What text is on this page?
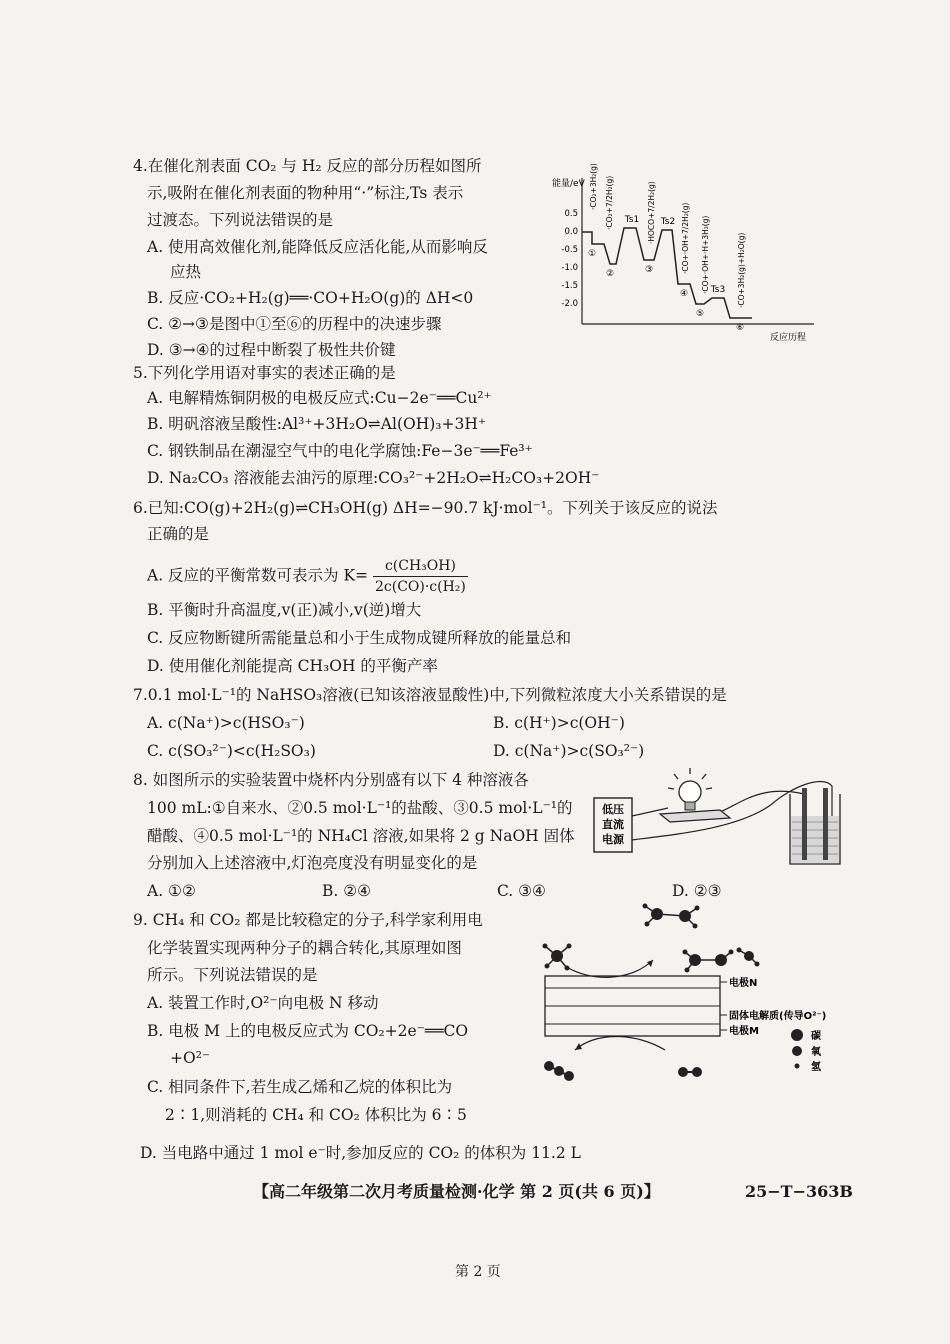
4.在催化剂表面 CO₂ 与 H₂ 反应的部分历程如图所
示,吸附在催化剂表面的物种用“·”标注,Ts 表示
过渡态。下列说法错误的是
A. 使用高效催化剂,能降低反应活化能,从而影响反
应热
B. 反应·CO₂+H₂(g)══·CO+H₂O(g)的 ΔH<0
C. ②→③是图中①至⑥的历程中的决速步骤
D. ③→④的过程中断裂了极性共价键
能量/eV
反应历程
0.5
0.0
-0.5
-1.0
-1.5
-2.0
①
②
Ts1
③
Ts2
④
⑤
Ts3
⑥
·CO₂+3H₂(g) ·CO₂+7/2H₂(g)	·HOCO+7/2H₂(g)	·CO+·OH+7/2H₂(g) ·CO+·OH+·H+3H₂(g)	·CO+3H₂(g)+H₂O(g)
5.下列化学用语对事实的表述正确的是
A. 电解精炼铜阴极的电极反应式:Cu−2e⁻══Cu²⁺
B. 明矾溶液呈酸性:Al³⁺+3H₂O⇌Al(OH)₃+3H⁺
C. 钢铁制品在潮湿空气中的电化学腐蚀:Fe−3e⁻══Fe³⁺
D. Na₂CO₃ 溶液能去油污的原理:CO₃²⁻+2H₂O⇌H₂CO₃+2OH⁻
6.已知:CO(g)+2H₂(g)⇌CH₃OH(g) ΔH=−90.7 kJ·mol⁻¹。下列关于该反应的说法
正确的是
A. 反应的平衡常数可表示为 $K= \frac{\text{c(CH₃OH)}}{\text{2c(CO)·c(H₂)}}$
B. 平衡时升高温度,v(正)减小,v(逆)增大
C. 反应物断键所需能量总和小于生成物成键所释放的能量总和
D. 使用催化剂能提高 CH₃OH 的平衡产率
7.0.1 mol·L⁻¹的 NaHSO₃溶液(已知该溶液显酸性)中,下列微粒浓度大小关系错误的是
A. c(Na⁺)>c(HSO₃⁻)	B. c(H⁺)>c(OH⁻)
C. c(SO₃²⁻)<c(H₂SO₃)	D. c(Na⁺)>c(SO₃²⁻)
8. 如图所示的实验装置中烧杯内分别盛有以下 4 种溶液各
100 mL:①自来水、②0.5 mol·L⁻¹的盐酸、③0.5 mol·L⁻¹的
醋酸、④0.5 mol·L⁻¹的 NH₄Cl 溶液,如果将 2 g NaOH 固体
分别加入上述溶液中,灯泡亮度没有明显变化的是
A. ①②	B. ②④	C. ③④	D. ②③
低压
直流
电源
9. CH₄ 和 CO₂ 都是比较稳定的分子,科学家利用电
化学装置实现两种分子的耦合转化,其原理如图
所示。下列说法错误的是
A. 装置工作时,O²⁻向电极 N 移动
B. 电极 M 上的电极反应式为 CO₂+2e⁻══CO
+O²⁻
C. 相同条件下,若生成乙烯和乙烷的体积比为
2∶1,则消耗的 CH₄ 和 CO₂ 体积比为 6∶5
D. 当电路中通过 1 mol e⁻时,参加反应的 CO₂ 的体积为 11.2 L
电极N
固体电解质(传导O²⁻)
电极M	碳
氧
氢
【高二年级第二次月考质量检测·化学 第 2 页(共 6 页)】	25−T−363B
第 2 页
